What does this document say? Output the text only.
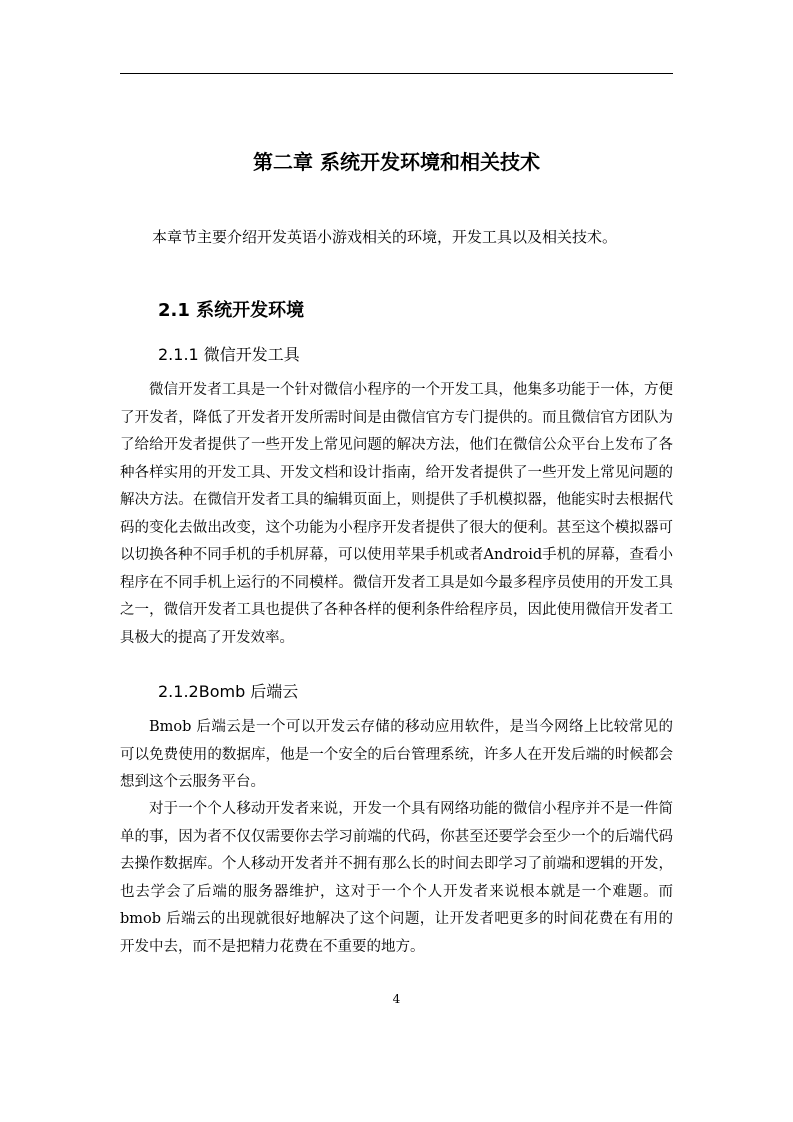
第二章 系统开发环境和相关技术
本章节主要介绍开发英语小游戏相关的环境，开发工具以及相关技术。
2.1 系统开发环境
2.1.1 微信开发工具
微信开发者工具是一个针对微信小程序的一个开发工具，他集多功能于一体，方便了开发者，降低了开发者开发所需时间是由微信官方专门提供的。而且微信官方团队为了给给开发者提供了一些开发上常见问题的解决方法，他们在微信公众平台上发布了各种各样实用的开发工具、开发文档和设计指南，给开发者提供了一些开发上常见问题的解决方法。在微信开发者工具的编辑页面上，则提供了手机模拟器，他能实时去根据代码的变化去做出改变，这个功能为小程序开发者提供了很大的便利。甚至这个模拟器可以切换各种不同手机的手机屏幕，可以使用苹果手机或者Android手机的屏幕，查看小程序在不同手机上运行的不同模样。微信开发者工具是如今最多程序员使用的开发工具之一，微信开发者工具也提供了各种各样的便利条件给程序员，因此使用微信开发者工具极大的提高了开发效率。
2.1.2Bomb 后端云
Bmob 后端云是一个可以开发云存储的移动应用软件，是当今网络上比较常见的可以免费使用的数据库，他是一个安全的后台管理系统，许多人在开发后端的时候都会想到这个云服务平台。
对于一个个人移动开发者来说，开发一个具有网络功能的微信小程序并不是一件简单的事，因为者不仅仅需要你去学习前端的代码，你甚至还要学会至少一个的后端代码去操作数据库。个人移动开发者并不拥有那么长的时间去即学习了前端和逻辑的开发，也去学会了后端的服务器维护，这对于一个个人开发者来说根本就是一个难题。而 bmob 后端云的出现就很好地解决了这个问题，让开发者吧更多的时间花费在有用的开发中去，而不是把精力花费在不重要的地方。
4
